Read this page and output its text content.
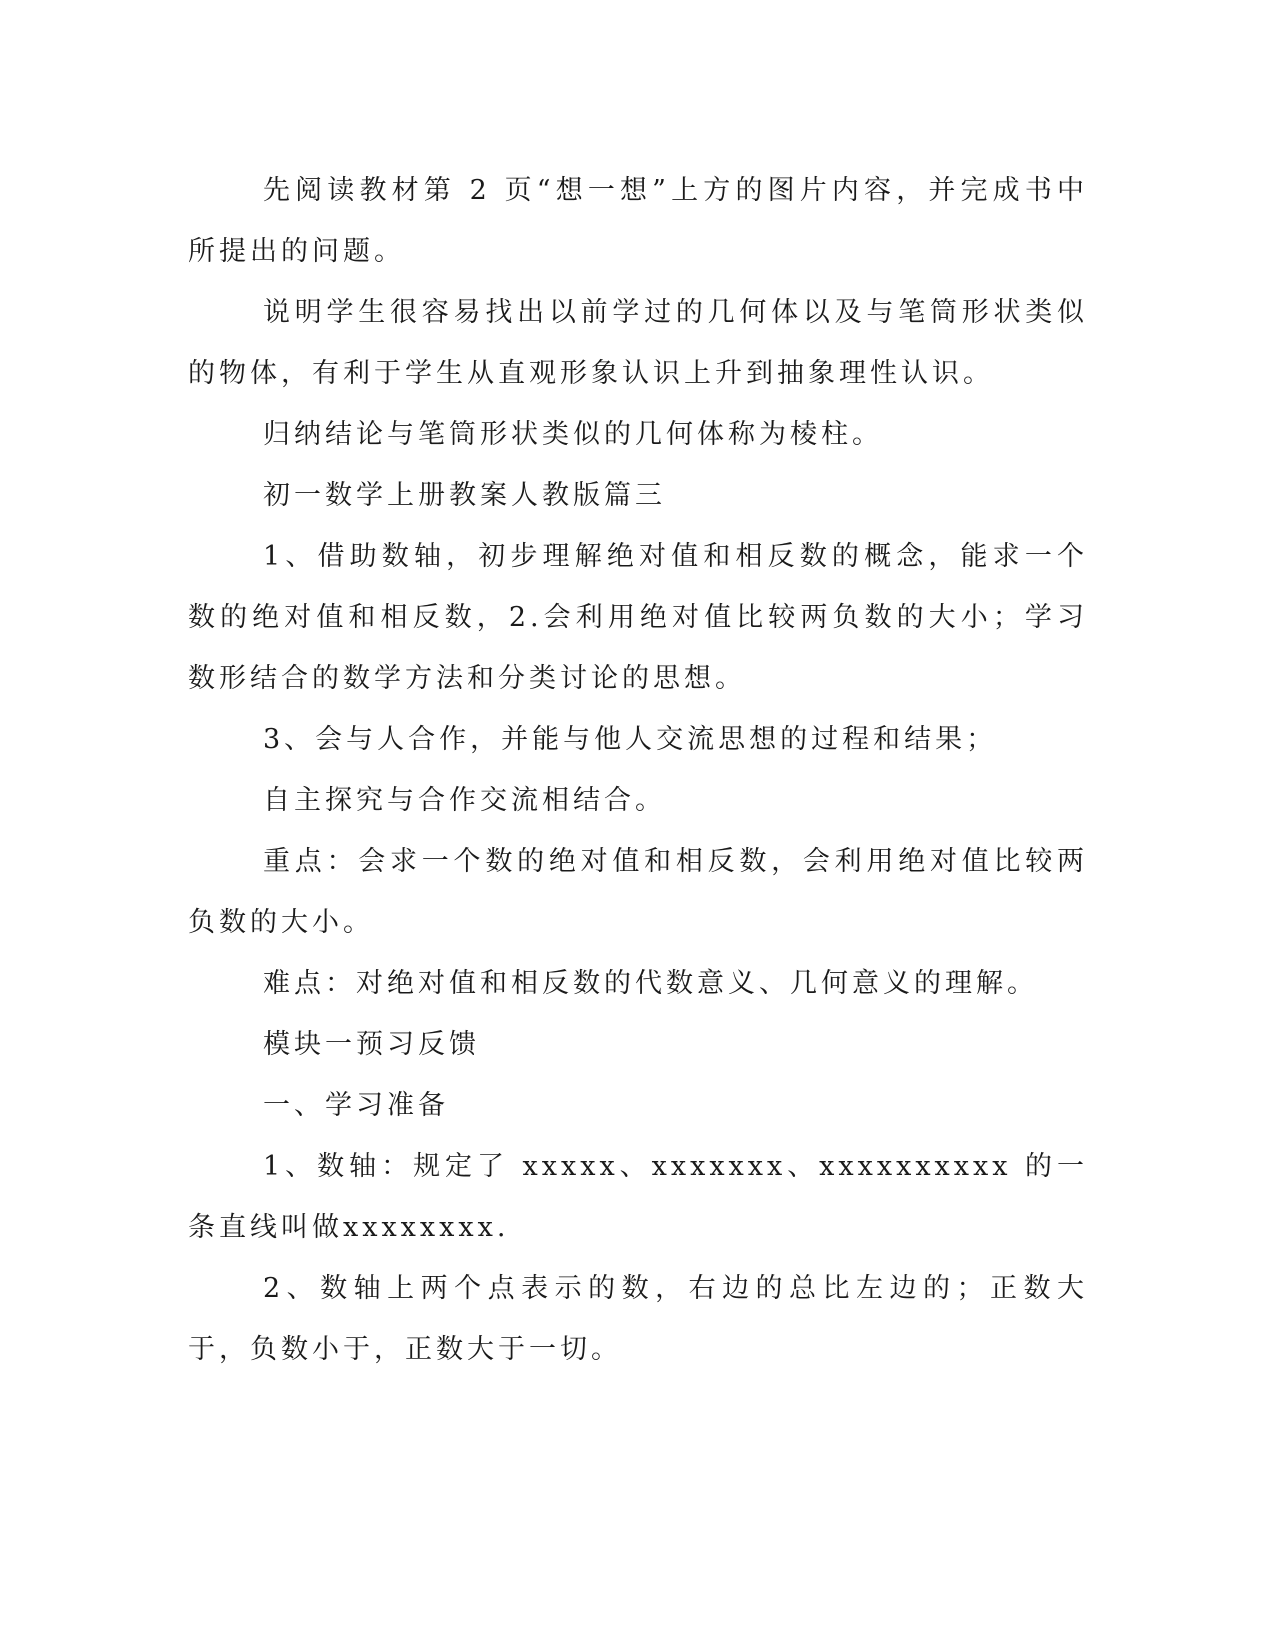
先阅读教材第 2 页“想一想”上方的图片内容，并完成书中所提出的问题。

说明学生很容易找出以前学过的几何体以及与笔筒形状类似的物体，有利于学生从直观形象认识上升到抽象理性认识。

归纳结论与笔筒形状类似的几何体称为棱柱。

初一数学上册教案人教版篇三

1、借助数轴，初步理解绝对值和相反数的概念，能求一个数的绝对值和相反数，2.会利用绝对值比较两负数的大小；学习数形结合的数学方法和分类讨论的思想。

3、会与人合作，并能与他人交流思想的过程和结果；

自主探究与合作交流相结合。

重点：会求一个数的绝对值和相反数，会利用绝对值比较两负数的大小。

难点：对绝对值和相反数的代数意义、几何意义的理解。

模块一预习反馈

一、学习准备

1、数轴：规定了 xxxxx、xxxxxxx、xxxxxxxxxx 的一条直线叫做xxxxxxxx.

2、数轴上两个点表示的数，右边的总比左边的；正数大于，负数小于，正数大于一切。
